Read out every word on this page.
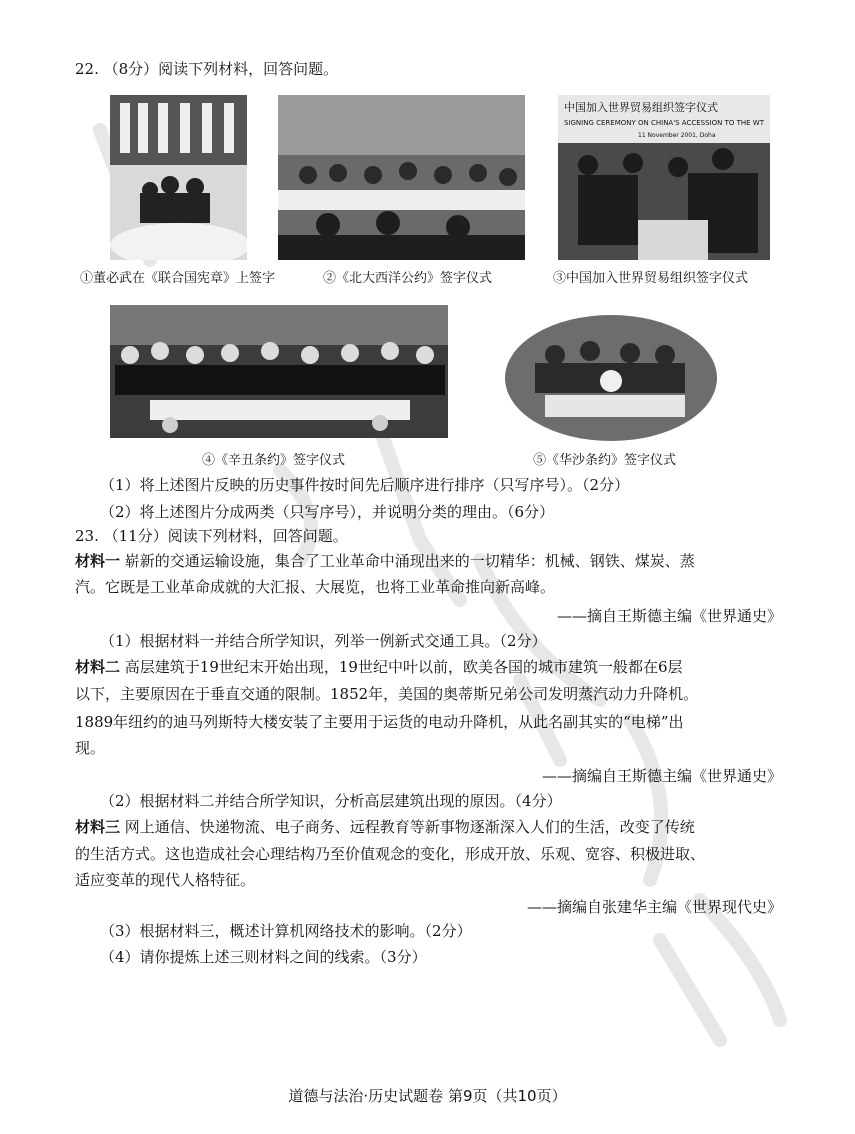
22. （8分）阅读下列材料，回答问题。
①董必武在《联合国宪章》上签字	②《北大西洋公约》签字仪式
中国加入世界贸易组织签字仪式
SIGNING CEREMONY ON CHINA'S ACCESSION TO THE WT
11 November 2001, Doha
③中国加入世界贸易组织签字仪式
④《辛丑条约》签字仪式	⑤《华沙条约》签字仪式
（1）将上述图片反映的历史事件按时间先后顺序进行排序（只写序号）。（2分）
（2）将上述图片分成两类（只写序号），并说明分类的理由。（6分）
23. （11分）阅读下列材料，回答问题。
材料一 崭新的交通运输设施，集合了工业革命中涌现出来的一切精华：机械、钢铁、煤炭、蒸
汽。它既是工业革命成就的大汇报、大展览，也将工业革命推向新高峰。
——摘自王斯德主编《世界通史》
（1）根据材料一并结合所学知识，列举一例新式交通工具。（2分）
材料二 高层建筑于19世纪末开始出现，19世纪中叶以前，欧美各国的城市建筑一般都在6层
以下，主要原因在于垂直交通的限制。1852年，美国的奥蒂斯兄弟公司发明蒸汽动力升降机。
1889年纽约的迪马列斯特大楼安装了主要用于运货的电动升降机，从此名副其实的“电梯”出
现。
——摘编自王斯德主编《世界通史》
（2）根据材料二并结合所学知识，分析高层建筑出现的原因。（4分）
材料三 网上通信、快递物流、电子商务、远程教育等新事物逐渐深入人们的生活，改变了传统
的生活方式。这也造成社会心理结构乃至价值观念的变化，形成开放、乐观、宽容、积极进取、
适应变革的现代人格特征。
——摘编自张建华主编《世界现代史》
（3）根据材料三，概述计算机网络技术的影响。（2分）
（4）请你提炼上述三则材料之间的线索。（3分）
道德与法治·历史试题卷 第9页（共10页）
